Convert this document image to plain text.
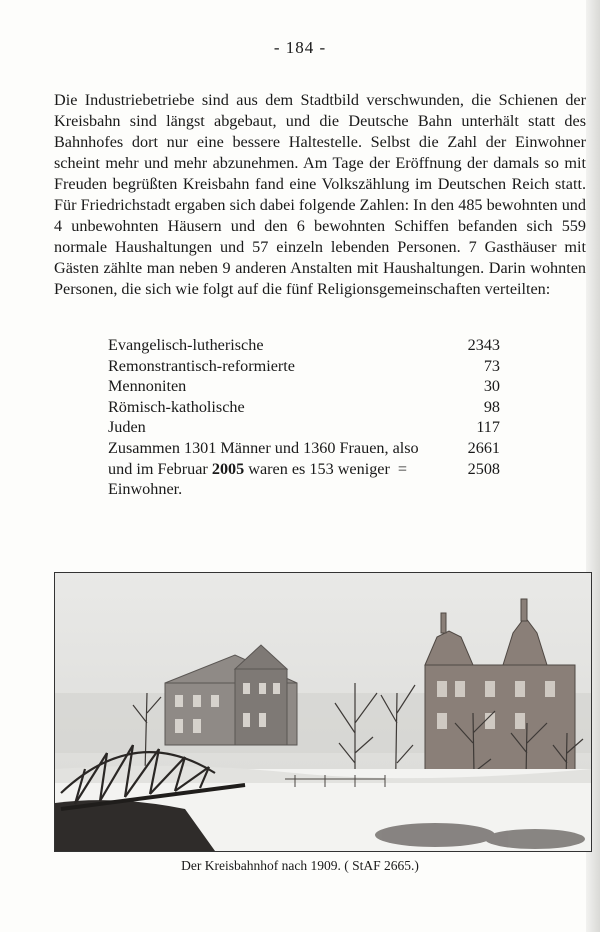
- 184 -

Die Industriebetriebe sind aus dem Stadtbild verschwunden, die Schienen der Kreisbahn sind längst abgebaut, und die Deutsche Bahn unterhält statt des Bahnhofes dort nur eine bessere Haltestelle. Selbst die Zahl der Einwohner scheint mehr und mehr abzunehmen. Am Tage der Eröffnung der damals so mit Freuden begrüßten Kreisbahn fand eine Volkszählung im Deutschen Reich statt. Für Friedrichstadt ergaben sich dabei folgende Zahlen: In den 485 bewohnten und 4 unbewohnten Häusern und den 6 bewohnten Schiffen befanden sich 559 normale Haushaltungen und 57 einzeln lebenden Personen. 7 Gasthäuser mit Gästen zählte man neben 9 anderen Anstalten mit Haushaltungen. Darin wohnten Personen, die sich wie folgt auf die fünf Religionsgemeinschaften verteilten:

Evangelisch-lutherische	2343
Remonstrantisch-reformierte	73
Mennoniten	30
Römisch-katholische	98
Juden	117
Zusammen 1301 Männer und 1360 Frauen, also	2661
und im Februar 2005 waren es 153 weniger =	2508
Einwohner.
Der Kreisbahnhof nach 1909. ( StAF 2665.)
